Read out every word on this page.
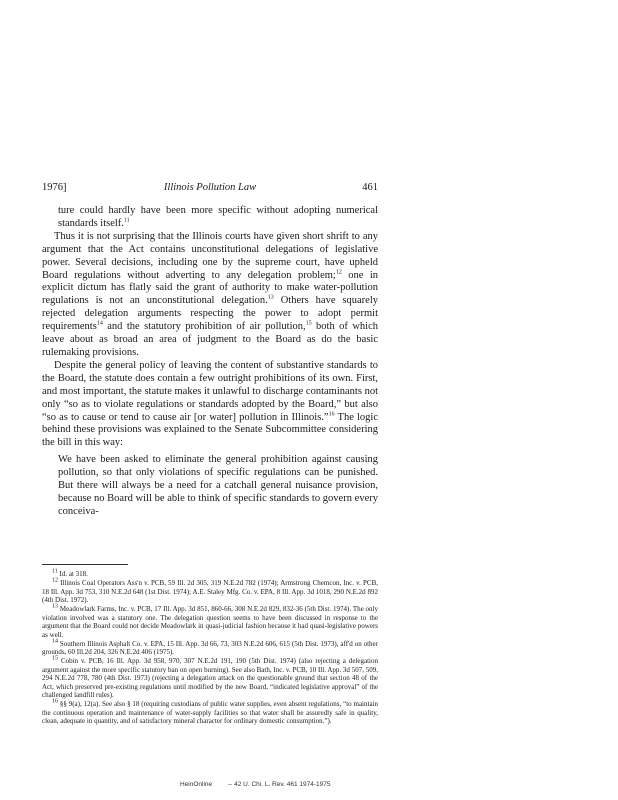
1976]	Illinois Pollution Law	461

ture could hardly have been more specific without adopting numerical standards itself.$^{11}$

Thus it is not surprising that the Illinois courts have given short shrift to any argument that the Act contains unconstitutional delegations of legislative power. Several decisions, including one by the supreme court, have upheld Board regulations without adverting to any delegation problem;$^{12}$ one in explicit dictum has flatly said the grant of authority to make water-pollution regulations is not an unconstitutional delegation.$^{13}$ Others have squarely rejected delegation arguments respecting the power to adopt permit requirements$^{14}$ and the statutory prohibition of air pollution,$^{15}$ both of which leave about as broad an area of judgment to the Board as do the basic rulemaking provisions.

Despite the general policy of leaving the content of substantive standards to the Board, the statute does contain a few outright prohibitions of its own. First, and most important, the statute makes it unlawful to discharge contaminants not only “so as to violate regulations or standards adopted by the Board,” but also “so as to cause or tend to cause air [or water] pollution in Illinois.”$^{16}$ The logic behind these provisions was explained to the Senate Subcommittee considering the bill in this way:

We have been asked to eliminate the general prohibition against causing pollution, so that only violations of specific regulations can be punished. But there will always be a need for a catchall general nuisance provision, because no Board will be able to think of specific standards to govern every conceiva-

$^{11}$ Id. at 318.

$^{12}$ Illinois Coal Operators Ass'n v. PCB, 59 Ill. 2d 305, 319 N.E.2d 782 (1974); Armstrong Chemcon, Inc. v. PCB, 18 Ill. App. 3d 753, 310 N.E.2d 648 (1st Dist. 1974); A.E. Staley Mfg. Co. v. EPA, 8 Ill. App. 3d 1018, 290 N.E.2d 892 (4th Dist. 1972).

$^{13}$ Meadowlark Farms, Inc. v. PCB, 17 Ill. App. 3d 851, 860-66, 308 N.E.2d 829, 832-36 (5th Dist. 1974). The only violation involved was a statutory one. The delegation question seems to have been discussed in response to the argument that the Board could not decide Meadowlark in quasi-judicial fashion because it had quasi-legislative powers as well.

$^{14}$ Southern Illinois Asphalt Co. v. EPA, 15 Ill. App. 3d 66, 73, 303 N.E.2d 606, 615 (5th Dist. 1973), aff'd on other grounds, 60 Ill.2d 204, 326 N.E.2d 406 (1975).

$^{15}$ Cobin v. PCB, 16 Ill. App. 3d 958, 970, 307 N.E.2d 191, 190 (5th Dist. 1974) (also rejecting a delegation argument against the more specific statutory ban on open burning). See also Bath, Inc. v. PCB, 10 Ill. App. 3d 507, 509, 294 N.E.2d 778, 780 (4th Dist. 1973) (rejecting a delegation attack on the questionable ground that section 48 of the Act, which preserved pre-existing regulations until modified by the new Board, “indicated legislative approval” of the challenged landfill rules).

$^{16}$ §§ 9(a), 12(a). See also § 18 (requiring custodians of public water supplies, even absent regulations, “to maintain the continuous operation and maintenance of water-supply facilities so that water shall be assuredly safe in quality, clean, adequate in quantity, and of satisfactory mineral character for ordinary domestic consumption.”).

HeinOnline -- 42 U. Chi. L. Rev. 461 1974-1975
